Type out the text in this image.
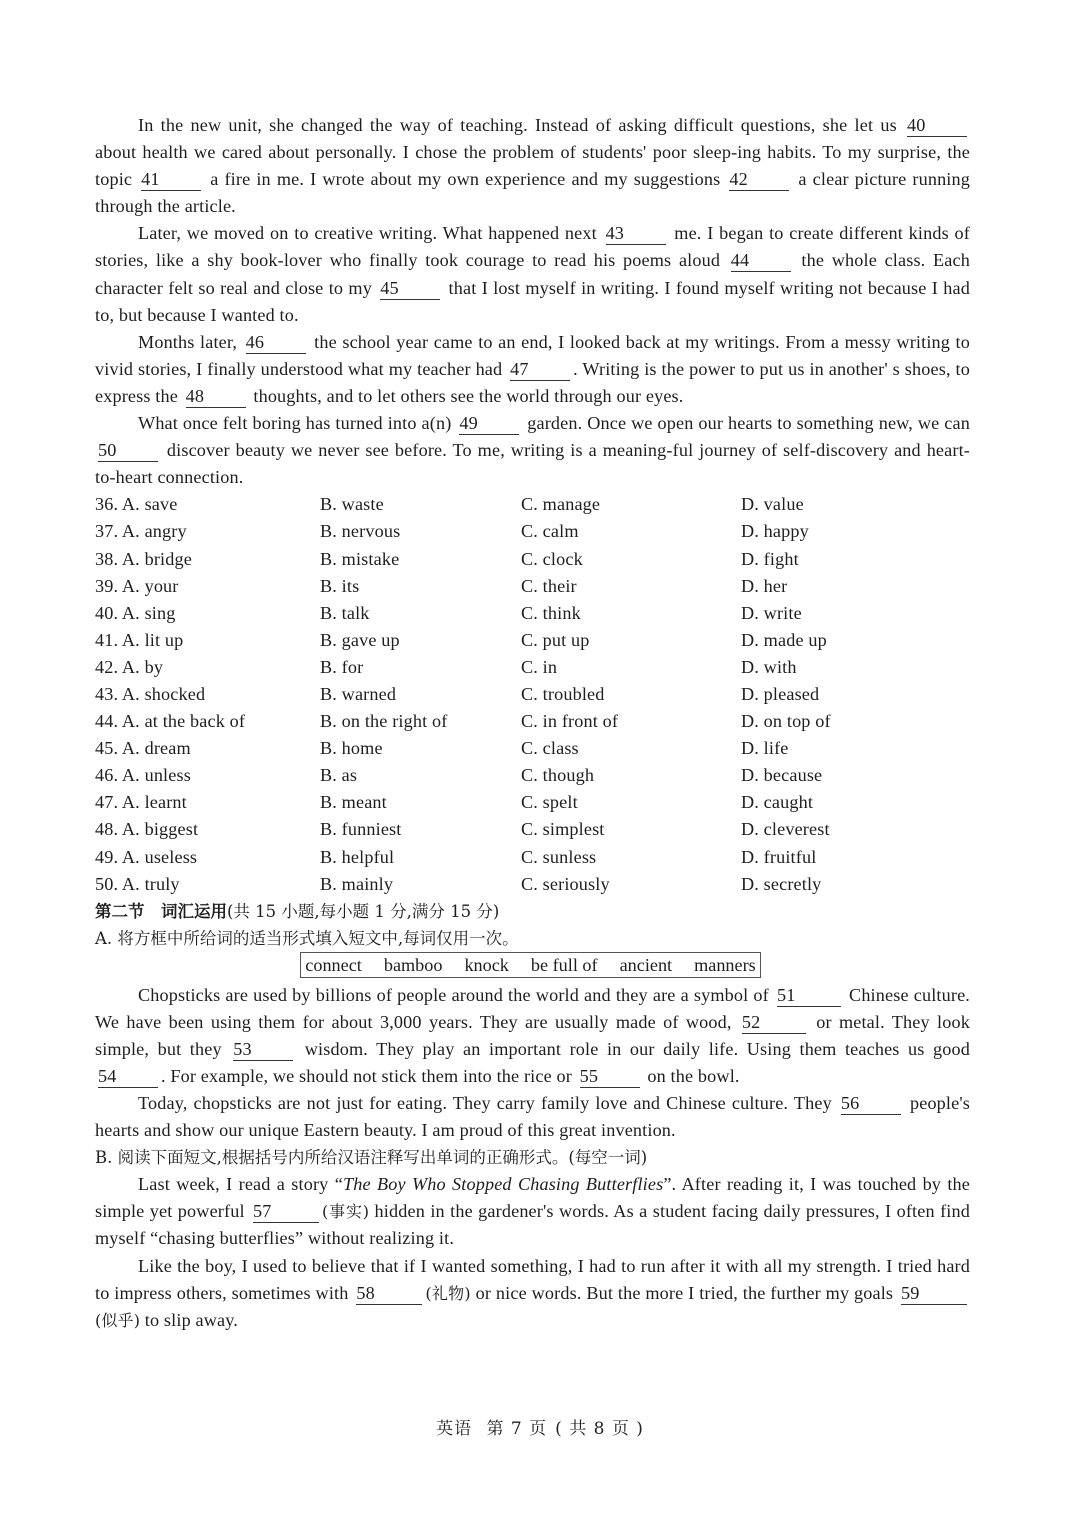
In the new unit, she changed the way of teaching. Instead of asking difficult questions, she let us 40 about health we cared about personally. I chose the problem of students' poor sleep-ing habits. To my surprise, the topic 41 a fire in me. I wrote about my own experience and my suggestions 42 a clear picture running through the article.

Later, we moved on to creative writing. What happened next 43 me. I began to create different kinds of stories, like a shy book-lover who finally took courage to read his poems aloud 44 the whole class. Each character felt so real and close to my 45 that I lost myself in writing. I found myself writing not because I had to, but because I wanted to.

Months later, 46 the school year came to an end, I looked back at my writings. From a messy writing to vivid stories, I finally understood what my teacher had 47 . Writing is the power to put us in another' s shoes, to express the 48 thoughts, and to let others see the world through our eyes.

What once felt boring has turned into a(n) 49 garden. Once we open our hearts to something new, we can 50 discover beauty we never see before. To me, writing is a meaning-ful journey of self-discovery and heart-to-heart connection.

36. A. save	B. waste	C. manage	D. value
37. A. angry	B. nervous	C. calm	D. happy
38. A. bridge	B. mistake	C. clock	D. fight
39. A. your	B. its	C. their	D. her
40. A. sing	B. talk	C. think	D. write
41. A. lit up	B. gave up	C. put up	D. made up
42. A. by	B. for	C. in	D. with
43. A. shocked	B. warned	C. troubled	D. pleased
44. A. at the back of	B. on the right of	C. in front of	D. on top of
45. A. dream	B. home	C. class	D. life
46. A. unless	B. as	C. though	D. because
47. A. learnt	B. meant	C. spelt	D. caught
48. A. biggest	B. funniest	C. simplest	D. cleverest
49. A. useless	B. helpful	C. sunless	D. fruitful
50. A. truly	B. mainly	C. seriously	D. secretly
第二节　词汇运用(共 15 小题,每小题 1 分,满分 15 分)
A. 将方框中所给词的适当形式填入短文中,每词仅用一次。
connect bamboo knock be full of ancient manners

Chopsticks are used by billions of people around the world and they are a symbol of 51	Chinese culture. We have been using them for about 3,000 years. They are usually made of wood, 52	or metal. They look simple, but they 53 wisdom. They play an important role in our daily life. Using them teaches us good 54 . For example, we should not stick them into the rice or 55 on the bowl.

Today, chopsticks are not just for eating. They carry family love and Chinese culture. They 56 people's hearts and show our unique Eastern beauty. I am proud of this great invention.

B. 阅读下面短文,根据括号内所给汉语注释写出单词的正确形式。(每空一词)

Last week, I read a story “The Boy Who Stopped Chasing Butterflies”. After reading it, I was touched by the simple yet powerful 57	(事实) hidden in the gardener's words. As a student facing daily pressures, I often find myself “chasing butterflies” without realizing it.

Like the boy, I used to believe that if I wanted something, I had to run after it with all my strength. I tried hard to impress others, sometimes with 58	(礼物) or nice words. But the more I tried, the further my goals 59(似乎) to slip away.

英语 第 7 页 ( 共 8 页 )
